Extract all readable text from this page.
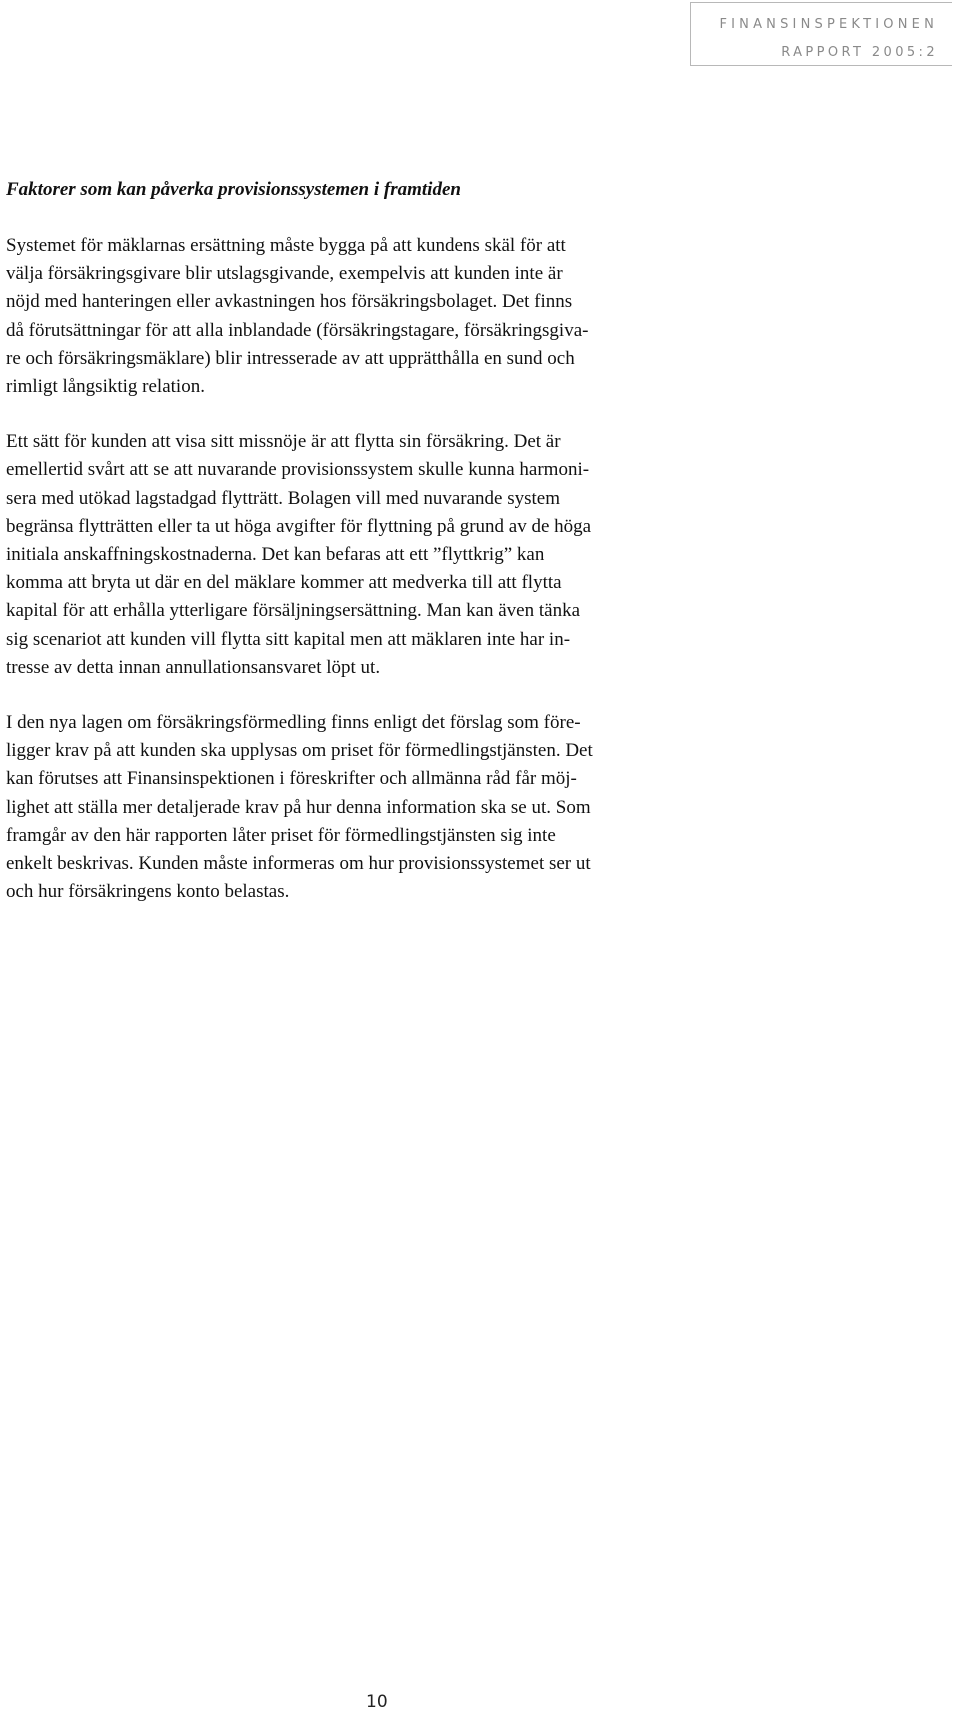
FINANSINSPEKTIONEN
RAPPORT 2005:2
Faktorer som kan påverka provisionssystemen i framtiden

Systemet för mäklarnas ersättning måste bygga på att kundens skäl för att
välja försäkringsgivare blir utslagsgivande, exempelvis att kunden inte är
nöjd med hanteringen eller avkastningen hos försäkringsbolaget. Det finns
då förutsättningar för att alla inblandade (försäkringstagare, försäkringsgiva-
re och försäkringsmäklare) blir intresserade av att upprätthålla en sund och
rimligt långsiktig relation.

Ett sätt för kunden att visa sitt missnöje är att flytta sin försäkring. Det är
emellertid svårt att se att nuvarande provisionssystem skulle kunna harmoni-
sera med utökad lagstadgad flytträtt. Bolagen vill med nuvarande system
begränsa flytträtten eller ta ut höga avgifter för flyttning på grund av de höga
initiala anskaffningskostnaderna. Det kan befaras att ett ”flyttkrig” kan
komma att bryta ut där en del mäklare kommer att medverka till att flytta
kapital för att erhålla ytterligare försäljningsersättning. Man kan även tänka
sig scenariot att kunden vill flytta sitt kapital men att mäklaren inte har in-
tresse av detta innan annullationsansvaret löpt ut.

I den nya lagen om försäkringsförmedling finns enligt det förslag som före-
ligger krav på att kunden ska upplysas om priset för förmedlingstjänsten. Det
kan förutses att Finansinspektionen i föreskrifter och allmänna råd får möj-
lighet att ställa mer detaljerade krav på hur denna information ska se ut. Som
framgår av den här rapporten låter priset för förmedlingstjänsten sig inte
enkelt beskrivas. Kunden måste informeras om hur provisionssystemet ser ut
och hur försäkringens konto belastas.

10
